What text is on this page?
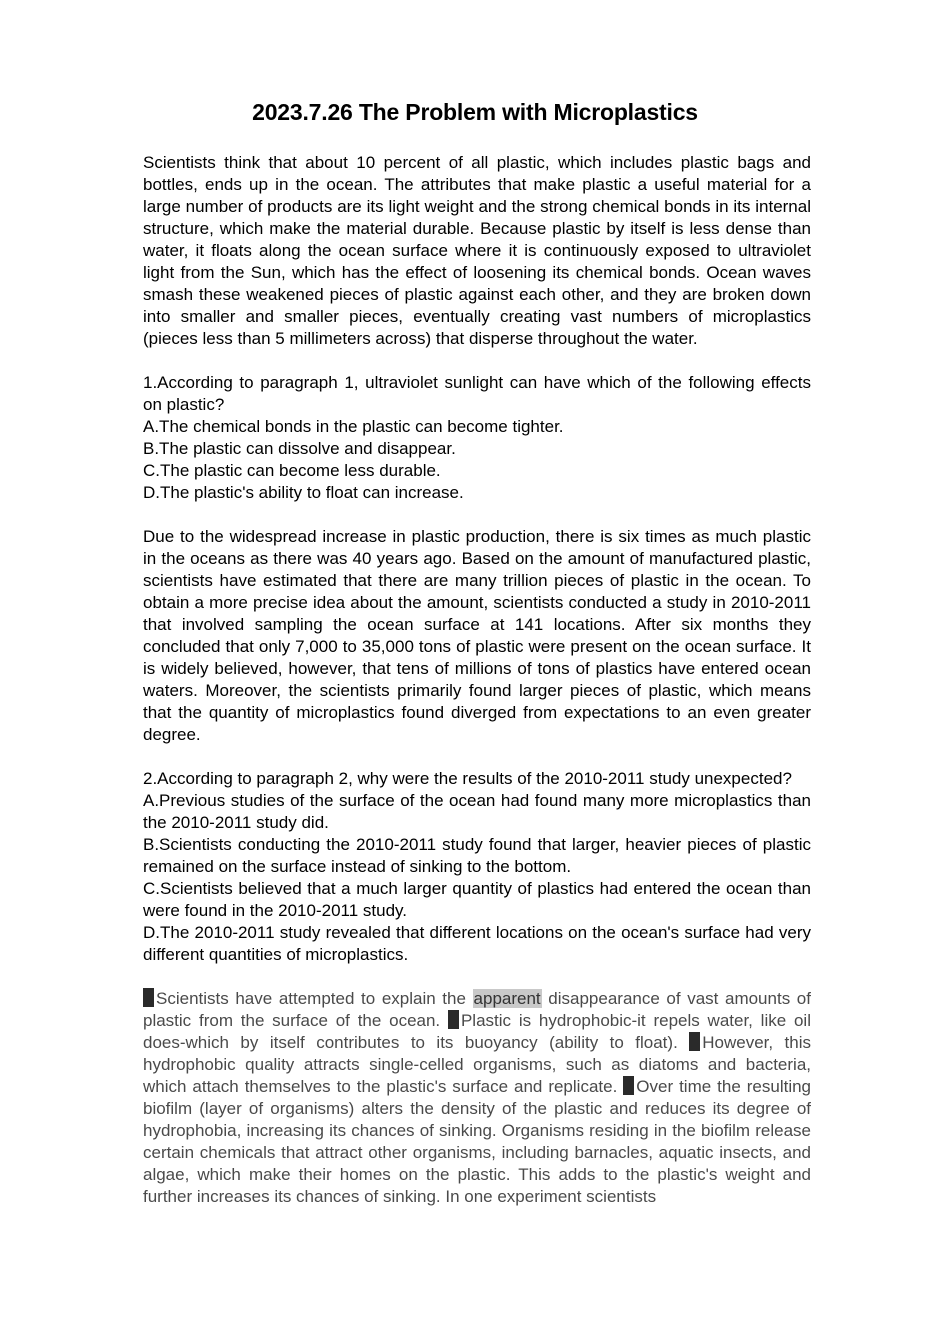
2023.7.26 The Problem with Microplastics

Scientists think that about 10 percent of all plastic, which includes plastic bags and bottles, ends up in the ocean. The attributes that make plastic a useful material for a large number of products are its light weight and the strong chemical bonds in its internal structure, which make the material durable. Because plastic by itself is less dense than water, it floats along the ocean surface where it is continuously exposed to ultraviolet light from the Sun, which has the effect of loosening its chemical bonds. Ocean waves smash these weakened pieces of plastic against each other, and they are broken down into smaller and smaller pieces, eventually creating vast numbers of microplastics (pieces less than 5 millimeters across) that disperse throughout the water.

1.According to paragraph 1, ultraviolet sunlight can have which of the following effects on plastic?

A.The chemical bonds in the plastic can become tighter.

B.The plastic can dissolve and disappear.

C.The plastic can become less durable.

D.The plastic's ability to float can increase.

Due to the widespread increase in plastic production, there is six times as much plastic in the oceans as there was 40 years ago. Based on the amount of manufactured plastic, scientists have estimated that there are many trillion pieces of plastic in the ocean. To obtain a more precise idea about the amount, scientists conducted a study in 2010-2011 that involved sampling the ocean surface at 141 locations. After six months they concluded that only 7,000 to 35,000 tons of plastic were present on the ocean surface. It is widely believed, however, that tens of millions of tons of plastics have entered ocean waters. Moreover, the scientists primarily found larger pieces of plastic, which means that the quantity of microplastics found diverged from expectations to an even greater degree.

2.According to paragraph 2, why were the results of the 2010-2011 study unexpected?

A.Previous studies of the surface of the ocean had found many more microplastics than the 2010-2011 study did.

B.Scientists conducting the 2010-2011 study found that larger, heavier pieces of plastic remained on the surface instead of sinking to the bottom.

C.Scientists believed that a much larger quantity of plastics had entered the ocean than were found in the 2010-2011 study.

D.The 2010-2011 study revealed that different locations on the ocean's surface had very different quantities of microplastics.

Scientists have attempted to explain the apparent disappearance of vast amounts of plastic from the surface of the ocean. Plastic is hydrophobic-it repels water, like oil does-which by itself contributes to its buoyancy (ability to float). However, this hydrophobic quality attracts single-celled organisms, such as diatoms and bacteria, which attach themselves to the plastic's surface and replicate. Over time the resulting biofilm (layer of organisms) alters the density of the plastic and reduces its degree of hydrophobia, increasing its chances of sinking. Organisms residing in the biofilm release certain chemicals that attract other organisms, including barnacles, aquatic insects, and algae, which make their homes on the plastic. This adds to the plastic's weight and further increases its chances of sinking. In one experiment scientists
